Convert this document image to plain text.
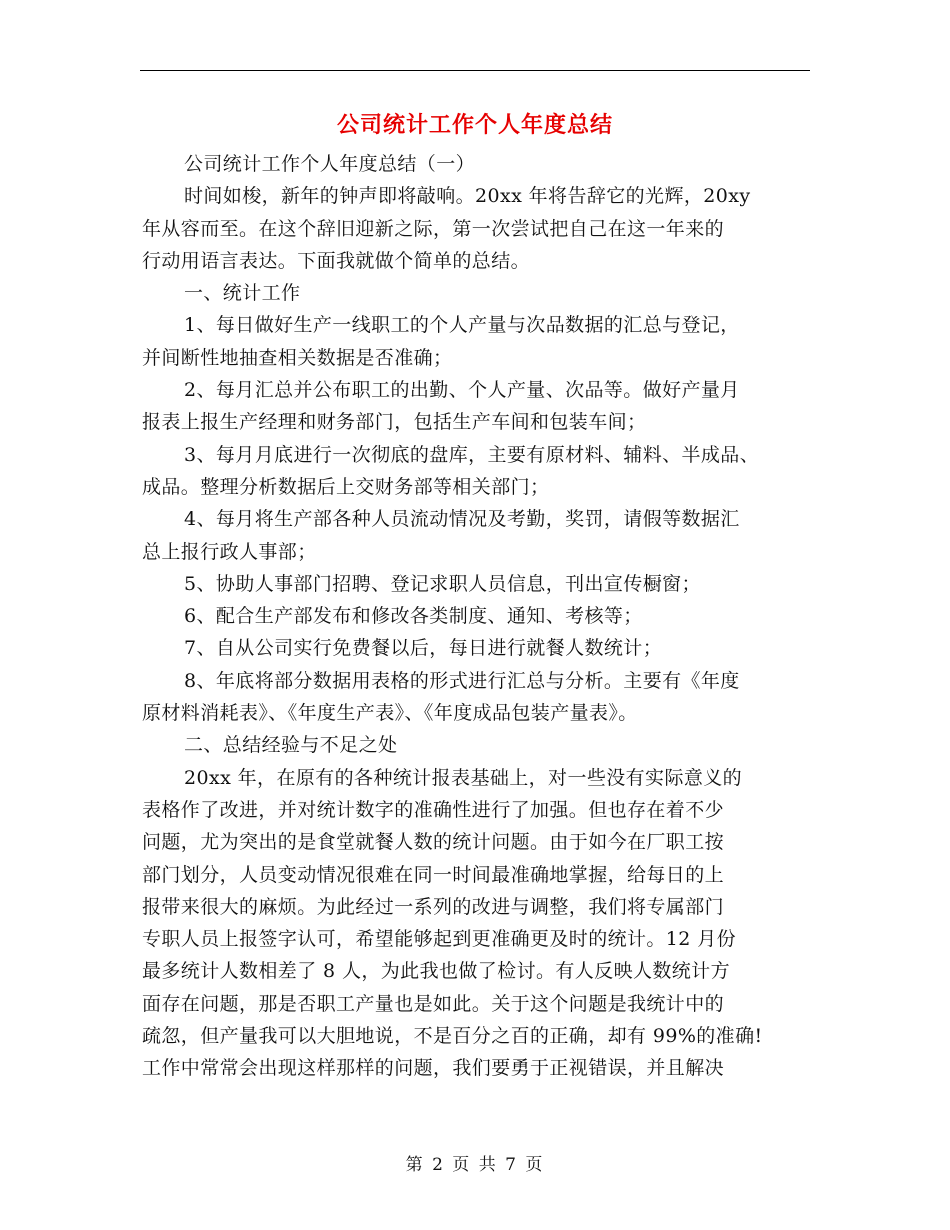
公司统计工作个人年度总结
公司统计工作个人年度总结（一）
时间如梭，新年的钟声即将敲响。20xx 年将告辞它的光辉，20xy
年从容而至。在这个辞旧迎新之际，第一次尝试把自己在这一年来的
行动用语言表达。下面我就做个简单的总结。
一、统计工作
1、每日做好生产一线职工的个人产量与次品数据的汇总与登记，
并间断性地抽查相关数据是否准确；
2、每月汇总并公布职工的出勤、个人产量、次品等。做好产量月
报表上报生产经理和财务部门，包括生产车间和包装车间；
3、每月月底进行一次彻底的盘库，主要有原材料、辅料、半成品、
成品。整理分析数据后上交财务部等相关部门；
4、每月将生产部各种人员流动情况及考勤，奖罚，请假等数据汇
总上报行政人事部；
5、协助人事部门招聘、登记求职人员信息，刊出宣传橱窗；
6、配合生产部发布和修改各类制度、通知、考核等；
7、自从公司实行免费餐以后，每日进行就餐人数统计；
8、年底将部分数据用表格的形式进行汇总与分析。主要有《年度
原材料消耗表》、《年度生产表》、《年度成品包装产量表》。
二、总结经验与不足之处
20xx 年，在原有的各种统计报表基础上，对一些没有实际意义的
表格作了改进，并对统计数字的准确性进行了加强。但也存在着不少
问题，尤为突出的是食堂就餐人数的统计问题。由于如今在厂职工按
部门划分，人员变动情况很难在同一时间最准确地掌握，给每日的上
报带来很大的麻烦。为此经过一系列的改进与调整，我们将专属部门
专职人员上报签字认可，希望能够起到更准确更及时的统计。12 月份
最多统计人数相差了 8 人，为此我也做了检讨。有人反映人数统计方
面存在问题，那是否职工产量也是如此。关于这个问题是我统计中的
疏忽，但产量我可以大胆地说，不是百分之百的正确，却有 99%的准确!
工作中常常会出现这样那样的问题，我们要勇于正视错误，并且解决
第 2 页 共 7 页
